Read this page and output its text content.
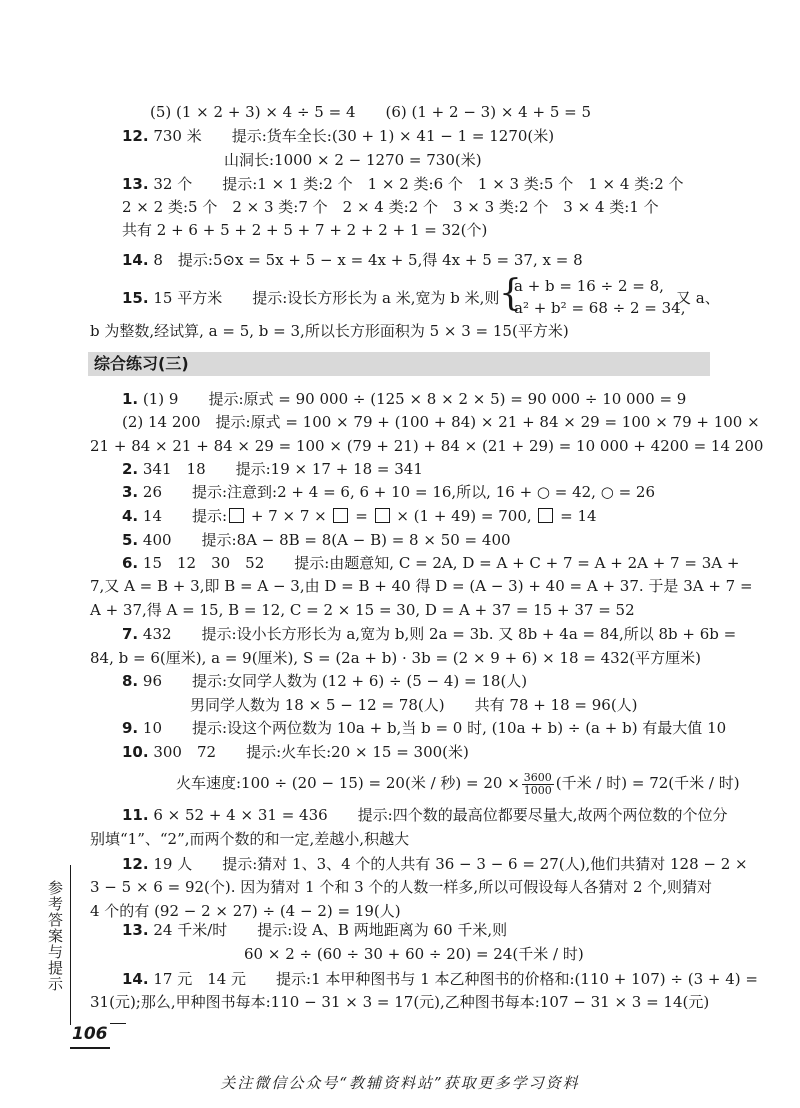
(5) (1 × 2 + 3) × 4 ÷ 5 = 4　　(6) (1 + 2 − 3) × 4 + 5 = 5
12. 730 米　　提示:货车全长:(30 + 1) × 41 − 1 = 1270(米)
山洞长:1000 × 2 − 1270 = 730(米)
13. 32 个　　提示:1 × 1 类:2 个　1 × 2 类:6 个　1 × 3 类:5 个　1 × 4 类:2 个
2 × 2 类:5 个　2 × 3 类:7 个　2 × 4 类:2 个　3 × 3 类:2 个　3 × 4 类:1 个
共有 2 + 6 + 5 + 2 + 5 + 7 + 2 + 2 + 1 = 32(个)
14. 8　提示:5⊙x = 5x + 5 − x = 4x + 5,得 4x + 5 = 37, x = 8
15. 15 平方米　　提示:设长方形长为 a 米,宽为 b 米,则 {
a + b = 16 ÷ 2 = 8,
a² + b² = 68 ÷ 2 = 34,
又 a、
b 为整数,经试算, a = 5, b = 3,所以长方形面积为 5 × 3 = 15(平方米)
综合练习(三)
1. (1) 9　　提示:原式 = 90 000 ÷ (125 × 8 × 2 × 5) = 90 000 ÷ 10 000 = 9
(2) 14 200　提示:原式 = 100 × 79 + (100 + 84) × 21 + 84 × 29 = 100 × 79 + 100 ×
21 + 84 × 21 + 84 × 29 = 100 × (79 + 21) + 84 × (21 + 29) = 10 000 + 4200 = 14 200
2. 341　18　　提示:19 × 17 + 18 = 341
3. 26　　提示:注意到:2 + 4 = 6, 6 + 10 = 16,所以, 16 + ○ = 42, ○ = 26
4. 14　　提示: + 7 × 7 ×  =  × (1 + 49) = 700,  = 14
5. 400　　提示:8A − 8B = 8(A − B) = 8 × 50 = 400
6. 15　12　30　52　　提示:由题意知, C = 2A, D = A + C + 7 = A + 2A + 7 = 3A +
7,又 A = B + 3,即 B = A − 3,由 D = B + 40 得 D = (A − 3) + 40 = A + 37. 于是 3A + 7 =
A + 37,得 A = 15, B = 12, C = 2 × 15 = 30, D = A + 37 = 15 + 37 = 52
7. 432　　提示:设小长方形长为 a,宽为 b,则 2a = 3b. 又 8b + 4a = 84,所以 8b + 6b =
84, b = 6(厘米), a = 9(厘米), S = (2a + b) · 3b = (2 × 9 + 6) × 18 = 432(平方厘米)
8. 96　　提示:女同学人数为 (12 + 6) ÷ (5 − 4) = 18(人)
男同学人数为 18 × 5 − 12 = 78(人)　　共有 78 + 18 = 96(人)
9. 10　　提示:设这个两位数为 10a + b,当 b = 0 时, (10a + b) ÷ (a + b) 有最大值 10
10. 300　72　　提示:火车长:20 × 15 = 300(米)
火车速度:100 ÷ (20 − 15) = 20(米 / 秒) = $20 \times \frac{3600}{1000}$ (千米 / 时) = 72(千米 / 时)
11. 6 × 52 + 4 × 31 = 436　　提示:四个数的最高位都要尽量大,故两个两位数的个位分
别填“1”、“2”,而两个数的和一定,差越小,积越大
12. 19 人　　提示:猜对 1、3、4 个的人共有 36 − 3 − 6 = 27(人),他们共猜对 128 − 2 ×
3 − 5 × 6 = 92(个). 因为猜对 1 个和 3 个的人数一样多,所以可假设每人各猜对 2 个,则猜对
4 个的有 (92 − 2 × 27) ÷ (4 − 2) = 19(人)
13. 24 千米/时　　提示:设 A、B 两地距离为 60 千米,则
60 × 2 ÷ (60 ÷ 30 + 60 ÷ 20) = 24(千米 / 时)
14. 17 元　14 元　　提示:1 本甲种图书与 1 本乙种图书的价格和:(110 + 107) ÷ (3 + 4) =
31(元);那么,甲种图书每本:110 − 31 × 3 = 17(元),乙种图书每本:107 − 31 × 3 = 14(元)
参考答案与提示
106
关注微信公众号“教辅资料站”获取更多学习资料
